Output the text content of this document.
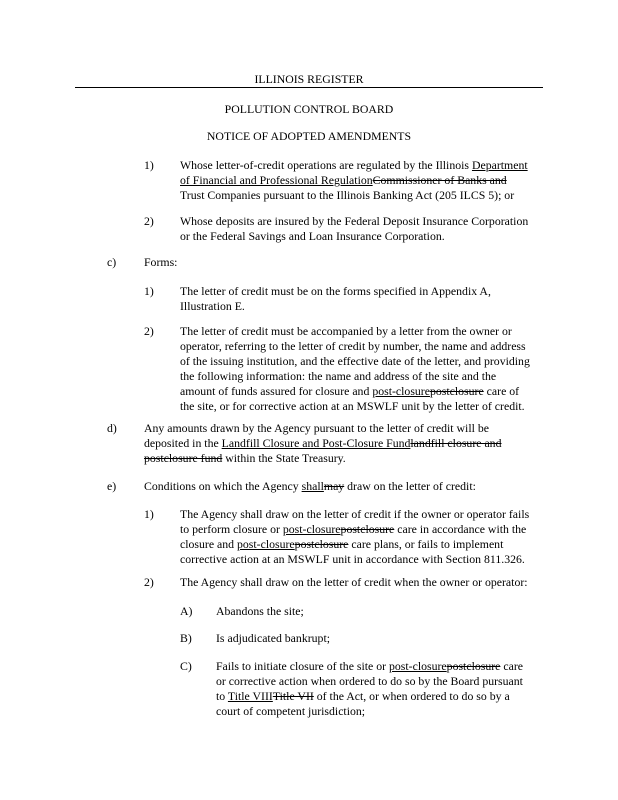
ILLINOIS REGISTER
POLLUTION CONTROL BOARD
NOTICE OF ADOPTED AMENDMENTS
1) Whose letter-of-credit operations are regulated by the Illinois Department
of Financial and Professional RegulationCommissioner of Banks and
Trust Companies pursuant to the Illinois Banking Act (205 ILCS 5); or
2) Whose deposits are insured by the Federal Deposit Insurance Corporation
or the Federal Savings and Loan Insurance Corporation.
c) Forms:
1) The letter of credit must be on the forms specified in Appendix A,
Illustration E.
2) The letter of credit must be accompanied by a letter from the owner or
operator, referring to the letter of credit by number, the name and address
of the issuing institution, and the effective date of the letter, and providing
the following information: the name and address of the site and the
amount of funds assured for closure and post-closurepostclosure care of
the site, or for corrective action at an MSWLF unit by the letter of credit.
d) Any amounts drawn by the Agency pursuant to the letter of credit will be
deposited in the Landfill Closure and Post-Closure Fundlandfill closure and
postclosure fund within the State Treasury.
e) Conditions on which the Agency shallmay draw on the letter of credit:
1) The Agency shall draw on the letter of credit if the owner or operator fails
to perform closure or post-closurepostclosure care in accordance with the
closure and post-closurepostclosure care plans, or fails to implement
corrective action at an MSWLF unit in accordance with Section 811.326.
2) The Agency shall draw on the letter of credit when the owner or operator:
A) Abandons the site;
B) Is adjudicated bankrupt;
C) Fails to initiate closure of the site or post-closurepostclosure care
or corrective action when ordered to do so by the Board pursuant
to Title VIIITitle VII of the Act, or when ordered to do so by a
court of competent jurisdiction;
